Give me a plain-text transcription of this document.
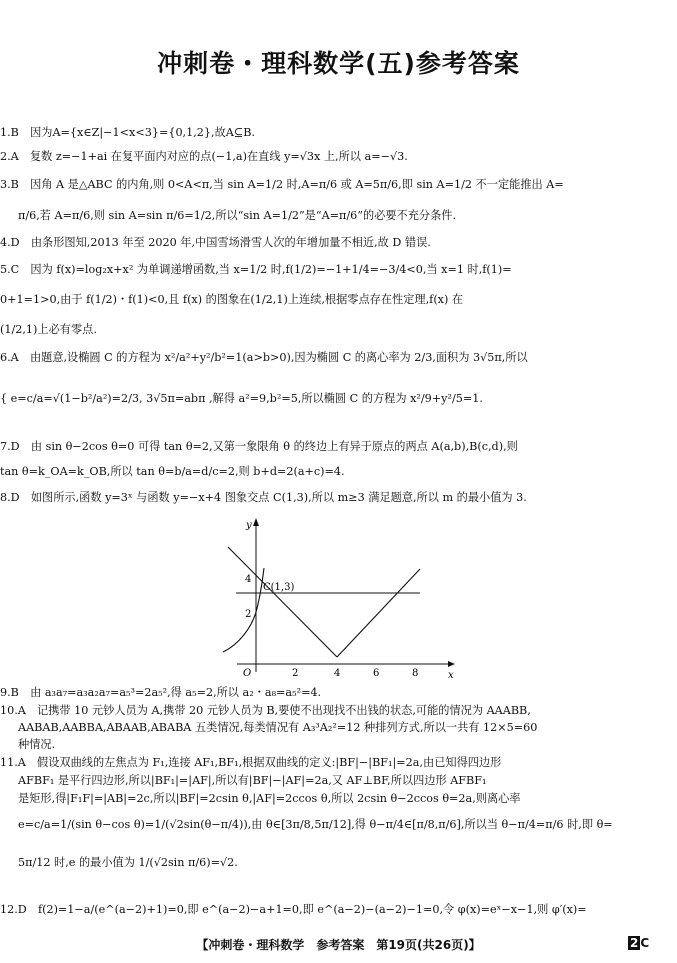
冲刺卷・理科数学(五)参考答案
1.B　因为A={x∈Z|−1<x<3}={0,1,2},故A⊆B.
2.A　复数 z=−1+ai 在复平面内对应的点(−1,a)在直线 y=√3x 上,所以 a=−√3.
3.B　因角 A 是△ABC 的内角,则 0<A<π,当 sin A=1/2 时,A=π/6 或 A=5π/6,即 sin A=1/2 不一定能推出 A=
π/6,若 A=π/6,则 sin A=sin π/6=1/2,所以“sin A=1/2”是“A=π/6”的必要不充分条件.
4.D　由条形图知,2013 年至 2020 年,中国雪场滑雪人次的年增加量不相近,故 D 错误.
5.C　因为 f(x)=log₂x+x² 为单调递增函数,当 x=1/2 时,f(1/2)=−1+1/4=−3/4<0,当 x=1 时,f(1)=
0+1=1>0,由于 f(1/2)・f(1)<0,且 f(x) 的图象在(1/2,1)上连续,根据零点存在性定理,f(x) 在
(1/2,1)上必有零点.
6.A　由题意,设椭圆 C 的方程为 x²/a²+y²/b²=1(a>b>0),因为椭圆 C 的离心率为 2/3,面积为 3√5π,所以
{ e=c/a=√(1−b²/a²)=2/3, 3√5π=abπ ,解得 a²=9,b²=5,所以椭圆 C 的方程为 x²/9+y²/5=1.
7.D　由 sin θ−2cos θ=0 可得 tan θ=2,又第一象限角 θ 的终边上有异于原点的两点 A(a,b),B(c,d),则
tan θ=k_OA=k_OB,所以 tan θ=b/a=d/c=2,则 b+d=2(a+c)=4.
8.D　如图所示,函数 y=3ˣ 与函数 y=−x+4 图象交点 C(1,3),所以 m≥3 满足题意,所以 m 的最小值为 3.
y
x
O	2	4	6	8
2
4
C(1,3)
9.B　由 a₃a₇=a₃a₂a₇=a₅³=2a₅²,得 a₅=2,所以 a₂・a₈=a₅²=4.
10.A　记携带 10 元钞人员为 A,携带 20 元钞人员为 B,要使不出现找不出钱的状态,可能的情况为 AAABB,
AABAB,AABBA,ABAAB,ABABA 五类情况,每类情况有 A₃³A₂²=12 种排列方式,所以一共有 12×5=60
种情况.
11.A　假设双曲线的左焦点为 F₁,连接 AF₁,BF₁,根据双曲线的定义:|BF|−|BF₁|=2a,由已知得四边形
AFBF₁ 是平行四边形,所以|BF₁|=|AF|,所以有|BF|−|AF|=2a,又 AF⊥BF,所以四边形 AFBF₁
是矩形,得|F₁F|=|AB|=2c,所以|BF|=2csin θ,|AF|=2ccos θ,所以 2csin θ−2ccos θ=2a,则离心率
e=c/a=1/(sin θ−cos θ)=1/(√2sin(θ−π/4)),由 θ∈[3π/8,5π/12],得 θ−π/4∈[π/8,π/6],所以当 θ−π/4=π/6 时,即 θ=
5π/12 时,e 的最小值为 1/(√2sin π/6)=√2.
12.D　f(2)=1−a/(e^(a−2)+1)=0,即 e^(a−2)−a+1=0,即 e^(a−2)−(a−2)−1=0,令 φ(x)=eˣ−x−1,则 φ′(x)=
【冲刺卷・理科数学　参考答案　第19页(共26页)】	2 C
